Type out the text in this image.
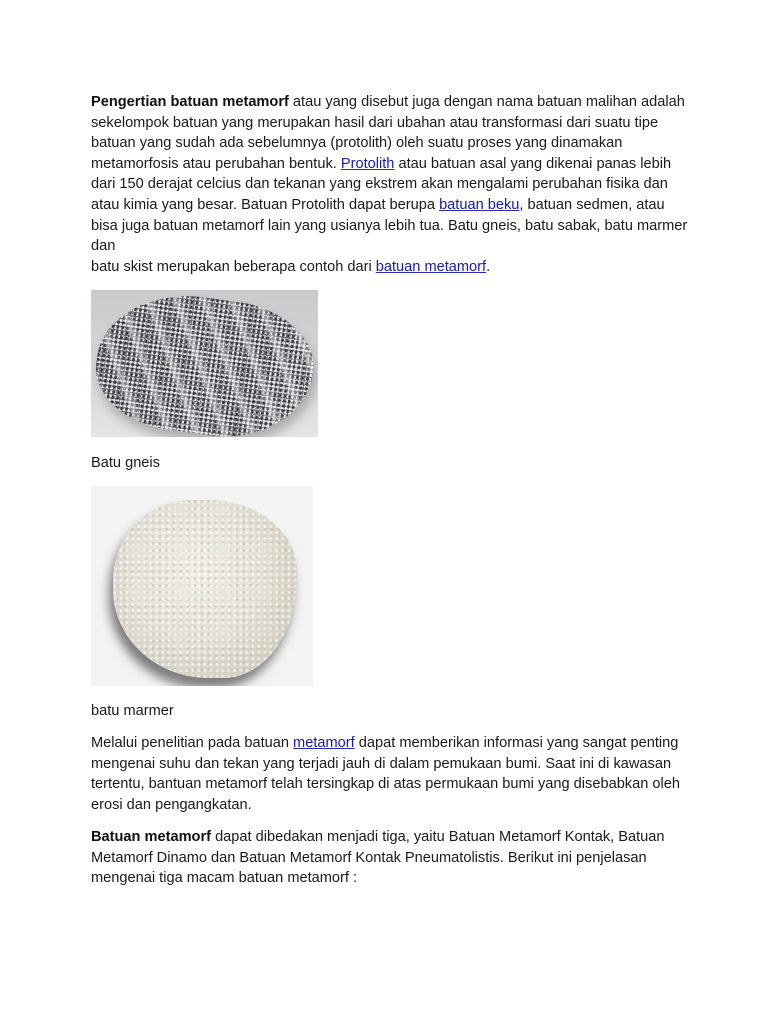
Pengertian batuan metamorf atau yang disebut juga dengan nama batuan malihan adalah sekelompok batuan yang merupakan hasil dari ubahan atau transformasi dari suatu tipe batuan yang sudah ada sebelumnya (protolith) oleh suatu proses yang dinamakan metamorfosis atau perubahan bentuk. Protolith atau batuan asal yang dikenai panas lebih dari 150 derajat celcius dan tekanan yang ekstrem akan mengalami perubahan fisika dan atau kimia yang besar. Batuan Protolith dapat berupa batuan beku, batuan sedmen, atau bisa juga batuan metamorf lain yang usianya lebih tua. Batu gneis, batu sabak, batu marmer dan
batu skist merupakan beberapa contoh dari batuan metamorf.

Batu gneis

batu marmer

Melalui penelitian pada batuan metamorf dapat memberikan informasi yang sangat penting mengenai suhu dan tekan yang terjadi jauh di dalam pemukaan bumi. Saat ini di kawasan tertentu, bantuan metamorf telah tersingkap di atas permukaan bumi yang disebabkan oleh erosi dan pengangkatan.

Batuan metamorf dapat dibedakan menjadi tiga, yaitu Batuan Metamorf Kontak, Batuan Metamorf Dinamo dan Batuan Metamorf Kontak Pneumatolistis. Berikut ini penjelasan mengenai tiga macam batuan metamorf :
